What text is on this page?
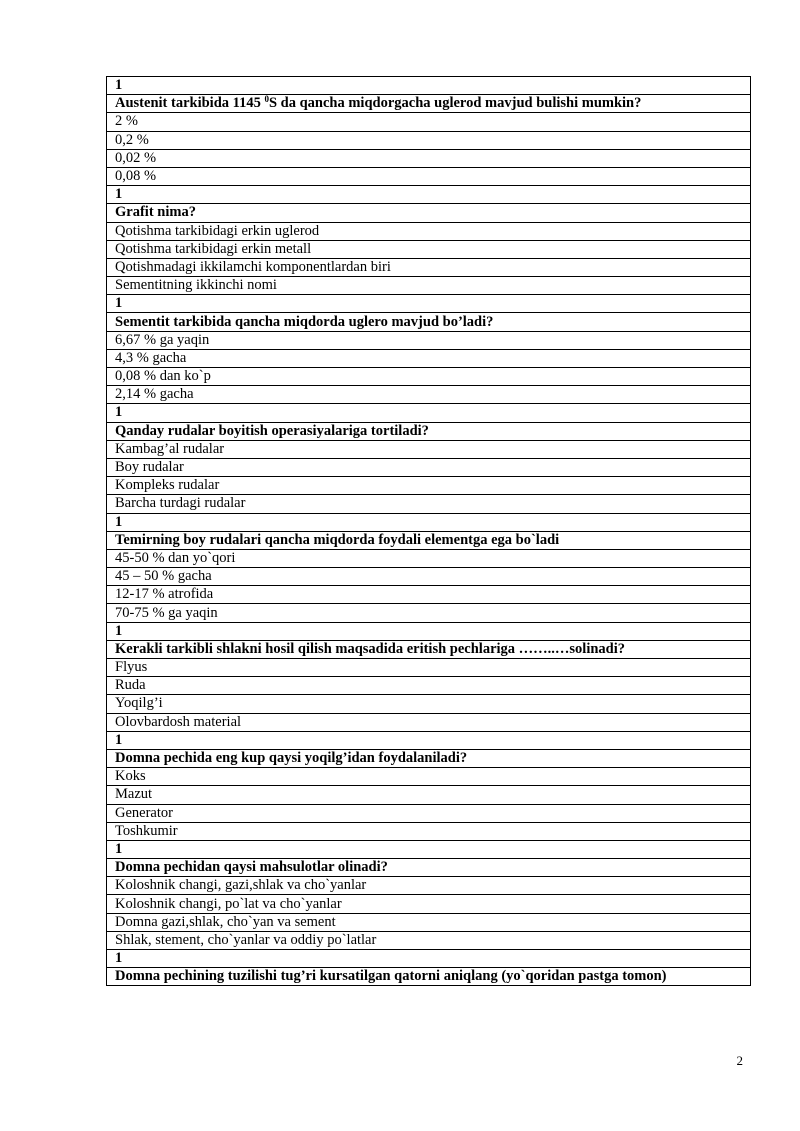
1
Austenit tarkibida 1145 $^0$S da qancha miqdorgacha uglerod mavjud bulishi mumkin?
2 %
0,2 %
0,02 %
0,08 %
1
Grafit nima?
Qotishma tarkibidagi erkin uglerod
Qotishma tarkibidagi erkin metall
Qotishmadagi ikkilamchi komponentlardan biri
Sementitning ikkinchi nomi
1
Sementit tarkibida qancha miqdorda uglero mavjud bo’ladi?
6,67 % ga yaqin
4,3 % gacha
0,08 % dan ko`p
2,14 % gacha
1
Qanday rudalar boyitish operasiyalariga tortiladi?
Kambag’al rudalar
Boy rudalar
Kompleks rudalar
Barcha turdagi rudalar
1
Temirning boy rudalari qancha miqdorda foydali elementga ega bo`ladi
45-50 % dan yo`qori
45 – 50 % gacha
12-17 % atrofida
70-75 % ga yaqin
1
Kerakli tarkibli shlakni hosil qilish maqsadida eritish pechlariga ……..…solinadi?
Flyus
Ruda
Yoqilg’i
Olovbardosh material
1
Domna pechida eng kup qaysi yoqilg’idan foydalaniladi?
Koks
Mazut
Generator
Toshkumir
1
Domna pechidan qaysi mahsulotlar olinadi?
Koloshnik changi, gazi,shlak va cho`yanlar
Koloshnik changi, po`lat va cho`yanlar
Domna gazi,shlak, cho`yan va sement
Shlak, stement, cho`yanlar va oddiy po`latlar
1
Domna pechining tuzilishi tug’ri kursatilgan qatorni aniqlang (yo`qoridan pastga tomon)
2
